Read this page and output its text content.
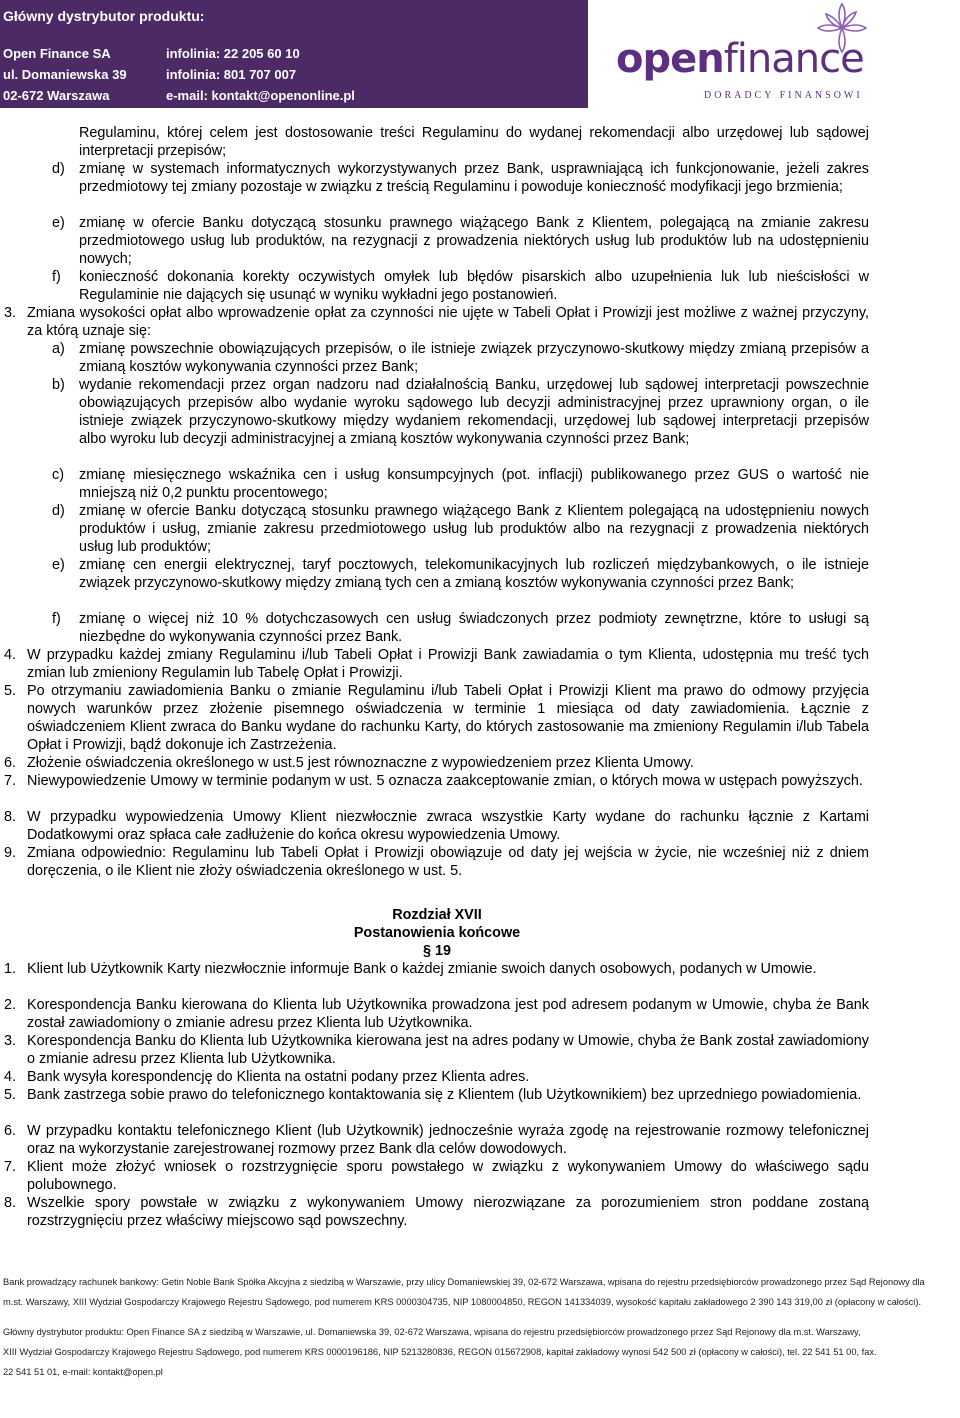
Główny dystrybutor produktu:
Open Finance SA
ul. Domaniewska 39
02-672 Warszawa
infolinia: 22 205 60 10
infolinia: 801 707 007
e-mail: kontakt@openonline.pl
openfinance
DORADCY FINANSOWI
Regulaminu, której celem jest dostosowanie treści Regulaminu do wydanej rekomendacji albo urzędowej lub sądowej interpretacji przepisów;
d) zmianę w systemach informatycznych wykorzystywanych przez Bank, usprawniającą ich funkcjonowanie, jeżeli zakres przedmiotowy tej zmiany pozostaje w związku z treścią Regulaminu i powoduje konieczność modyfikacji jego brzmienia;
e) zmianę w ofercie Banku dotyczącą stosunku prawnego wiążącego Bank z Klientem, polegającą na zmianie zakresu przedmiotowego usług lub produktów, na rezygnacji z prowadzenia niektórych usług lub produktów lub na udostępnieniu nowych;
f) konieczność dokonania korekty oczywistych omyłek lub błędów pisarskich albo uzupełnienia luk lub nieścisłości w Regulaminie nie dających się usunąć w wyniku wykładni jego postanowień.
3. Zmiana wysokości opłat albo wprowadzenie opłat za czynności nie ujęte w Tabeli Opłat i Prowizji jest możliwe z ważnej przyczyny, za którą uznaje się:
a) zmianę powszechnie obowiązujących przepisów, o ile istnieje związek przyczynowo-skutkowy między zmianą przepisów a zmianą kosztów wykonywania czynności przez Bank;
b) wydanie rekomendacji przez organ nadzoru nad działalnością Banku, urzędowej lub sądowej interpretacji powszechnie obowiązujących przepisów albo wydanie wyroku sądowego lub decyzji administracyjnej przez uprawniony organ, o ile istnieje związek przyczynowo-skutkowy między wydaniem rekomendacji, urzędowej lub sądowej interpretacji przepisów albo wyroku lub decyzji administracyjnej a zmianą kosztów wykonywania czynności przez Bank;
c) zmianę miesięcznego wskaźnika cen i usług konsumpcyjnych (pot. inflacji) publikowanego przez GUS o wartość nie mniejszą niż 0,2 punktu procentowego;
d) zmianę w ofercie Banku dotyczącą stosunku prawnego wiążącego Bank z Klientem polegającą na udostępnieniu nowych produktów i usług, zmianie zakresu przedmiotowego usług lub produktów albo na rezygnacji z prowadzenia niektórych usług lub produktów;
e) zmianę cen energii elektrycznej, taryf pocztowych, telekomunikacyjnych lub rozliczeń międzybankowych, o ile istnieje związek przyczynowo-skutkowy między zmianą tych cen a zmianą kosztów wykonywania czynności przez Bank;
f) zmianę o więcej niż 10 % dotychczasowych cen usług świadczonych przez podmioty zewnętrzne, które to usługi są niezbędne do wykonywania czynności przez Bank.
4. W przypadku każdej zmiany Regulaminu i/lub Tabeli Opłat i Prowizji Bank zawiadamia o tym Klienta, udostępnia mu treść tych zmian lub zmieniony Regulamin lub Tabelę Opłat i Prowizji.
5. Po otrzymaniu zawiadomienia Banku o zmianie Regulaminu i/lub Tabeli Opłat i Prowizji Klient ma prawo do odmowy przyjęcia nowych warunków przez złożenie pisemnego oświadczenia w terminie 1 miesiąca od daty zawiadomienia. Łącznie z oświadczeniem Klient zwraca do Banku wydane do rachunku Karty, do których zastosowanie ma zmieniony Regulamin i/lub Tabela Opłat i Prowizji, bądź dokonuje ich Zastrzeżenia.
6. Złożenie oświadczenia określonego w ust.5 jest równoznaczne z wypowiedzeniem przez Klienta Umowy.
7. Niewypowiedzenie Umowy w terminie podanym w ust. 5 oznacza zaakceptowanie zmian, o których mowa w ustępach powyższych.
8. W przypadku wypowiedzenia Umowy Klient niezwłocznie zwraca wszystkie Karty wydane do rachunku łącznie z Kartami Dodatkowymi oraz spłaca całe zadłużenie do końca okresu wypowiedzenia Umowy.
9. Zmiana odpowiednio: Regulaminu lub Tabeli Opłat i Prowizji obowiązuje od daty jej wejścia w życie, nie wcześniej niż z dniem doręczenia, o ile Klient nie złoży oświadczenia określonego w ust. 5.
Rozdział XVII
Postanowienia końcowe
§ 19
1. Klient lub Użytkownik Karty niezwłocznie informuje Bank o każdej zmianie swoich danych osobowych, podanych w Umowie.
2. Korespondencja Banku kierowana do Klienta lub Użytkownika prowadzona jest pod adresem podanym w Umowie, chyba że Bank został zawiadomiony o zmianie adresu przez Klienta lub Użytkownika.
3. Korespondencja Banku do Klienta lub Użytkownika kierowana jest na adres podany w Umowie, chyba że Bank został zawiadomiony o zmianie adresu przez Klienta lub Użytkownika.
4. Bank wysyła korespondencję do Klienta na ostatni podany przez Klienta adres.
5. Bank zastrzega sobie prawo do telefonicznego kontaktowania się z Klientem (lub Użytkownikiem) bez uprzedniego powiadomienia.
6. W przypadku kontaktu telefonicznego Klient (lub Użytkownik) jednocześnie wyraża zgodę na rejestrowanie rozmowy telefonicznej oraz na wykorzystanie zarejestrowanej rozmowy przez Bank dla celów dowodowych.
7. Klient może złożyć wniosek o rozstrzygnięcie sporu powstałego w związku z wykonywaniem Umowy do właściwego sądu polubownego.
8. Wszelkie spory powstałe w związku z wykonywaniem Umowy nierozwiązane za porozumieniem stron poddane zostaną rozstrzygnięciu przez właściwy miejscowo sąd powszechny.
Bank prowadzący rachunek bankowy: Getin Noble Bank Spółka Akcyjna z siedzibą w Warszawie, przy ulicy Domaniewskiej 39, 02-672 Warszawa, wpisana do rejestru przedsiębiorców prowadzonego przez Sąd Rejonowy dla
m.st. Warszawy, XIII Wydział Gospodarczy Krajowego Rejestru Sądowego, pod numerem KRS 0000304735, NIP 1080004850, REGON 141334039, wysokość kapitału zakładowego 2 390 143 319,00 zł (opłacony w całości).
Główny dystrybutor produktu: Open Finance SA z siedzibą w Warszawie, ul. Domaniewska 39, 02-672 Warszawa, wpisana do rejestru przedsiębiorców prowadzonego przez Sąd Rejonowy dla m.st. Warszawy,
XIII Wydział Gospodarczy Krajowego Rejestru Sądowego, pod numerem KRS 0000196186, NIP 5213280836, REGON 015672908, kapitał zakładowy wynosi 542 500 zł (opłacony w całości), tel. 22 541 51 00, fax.
22 541 51 01, e-mail: kontakt@open.pl
